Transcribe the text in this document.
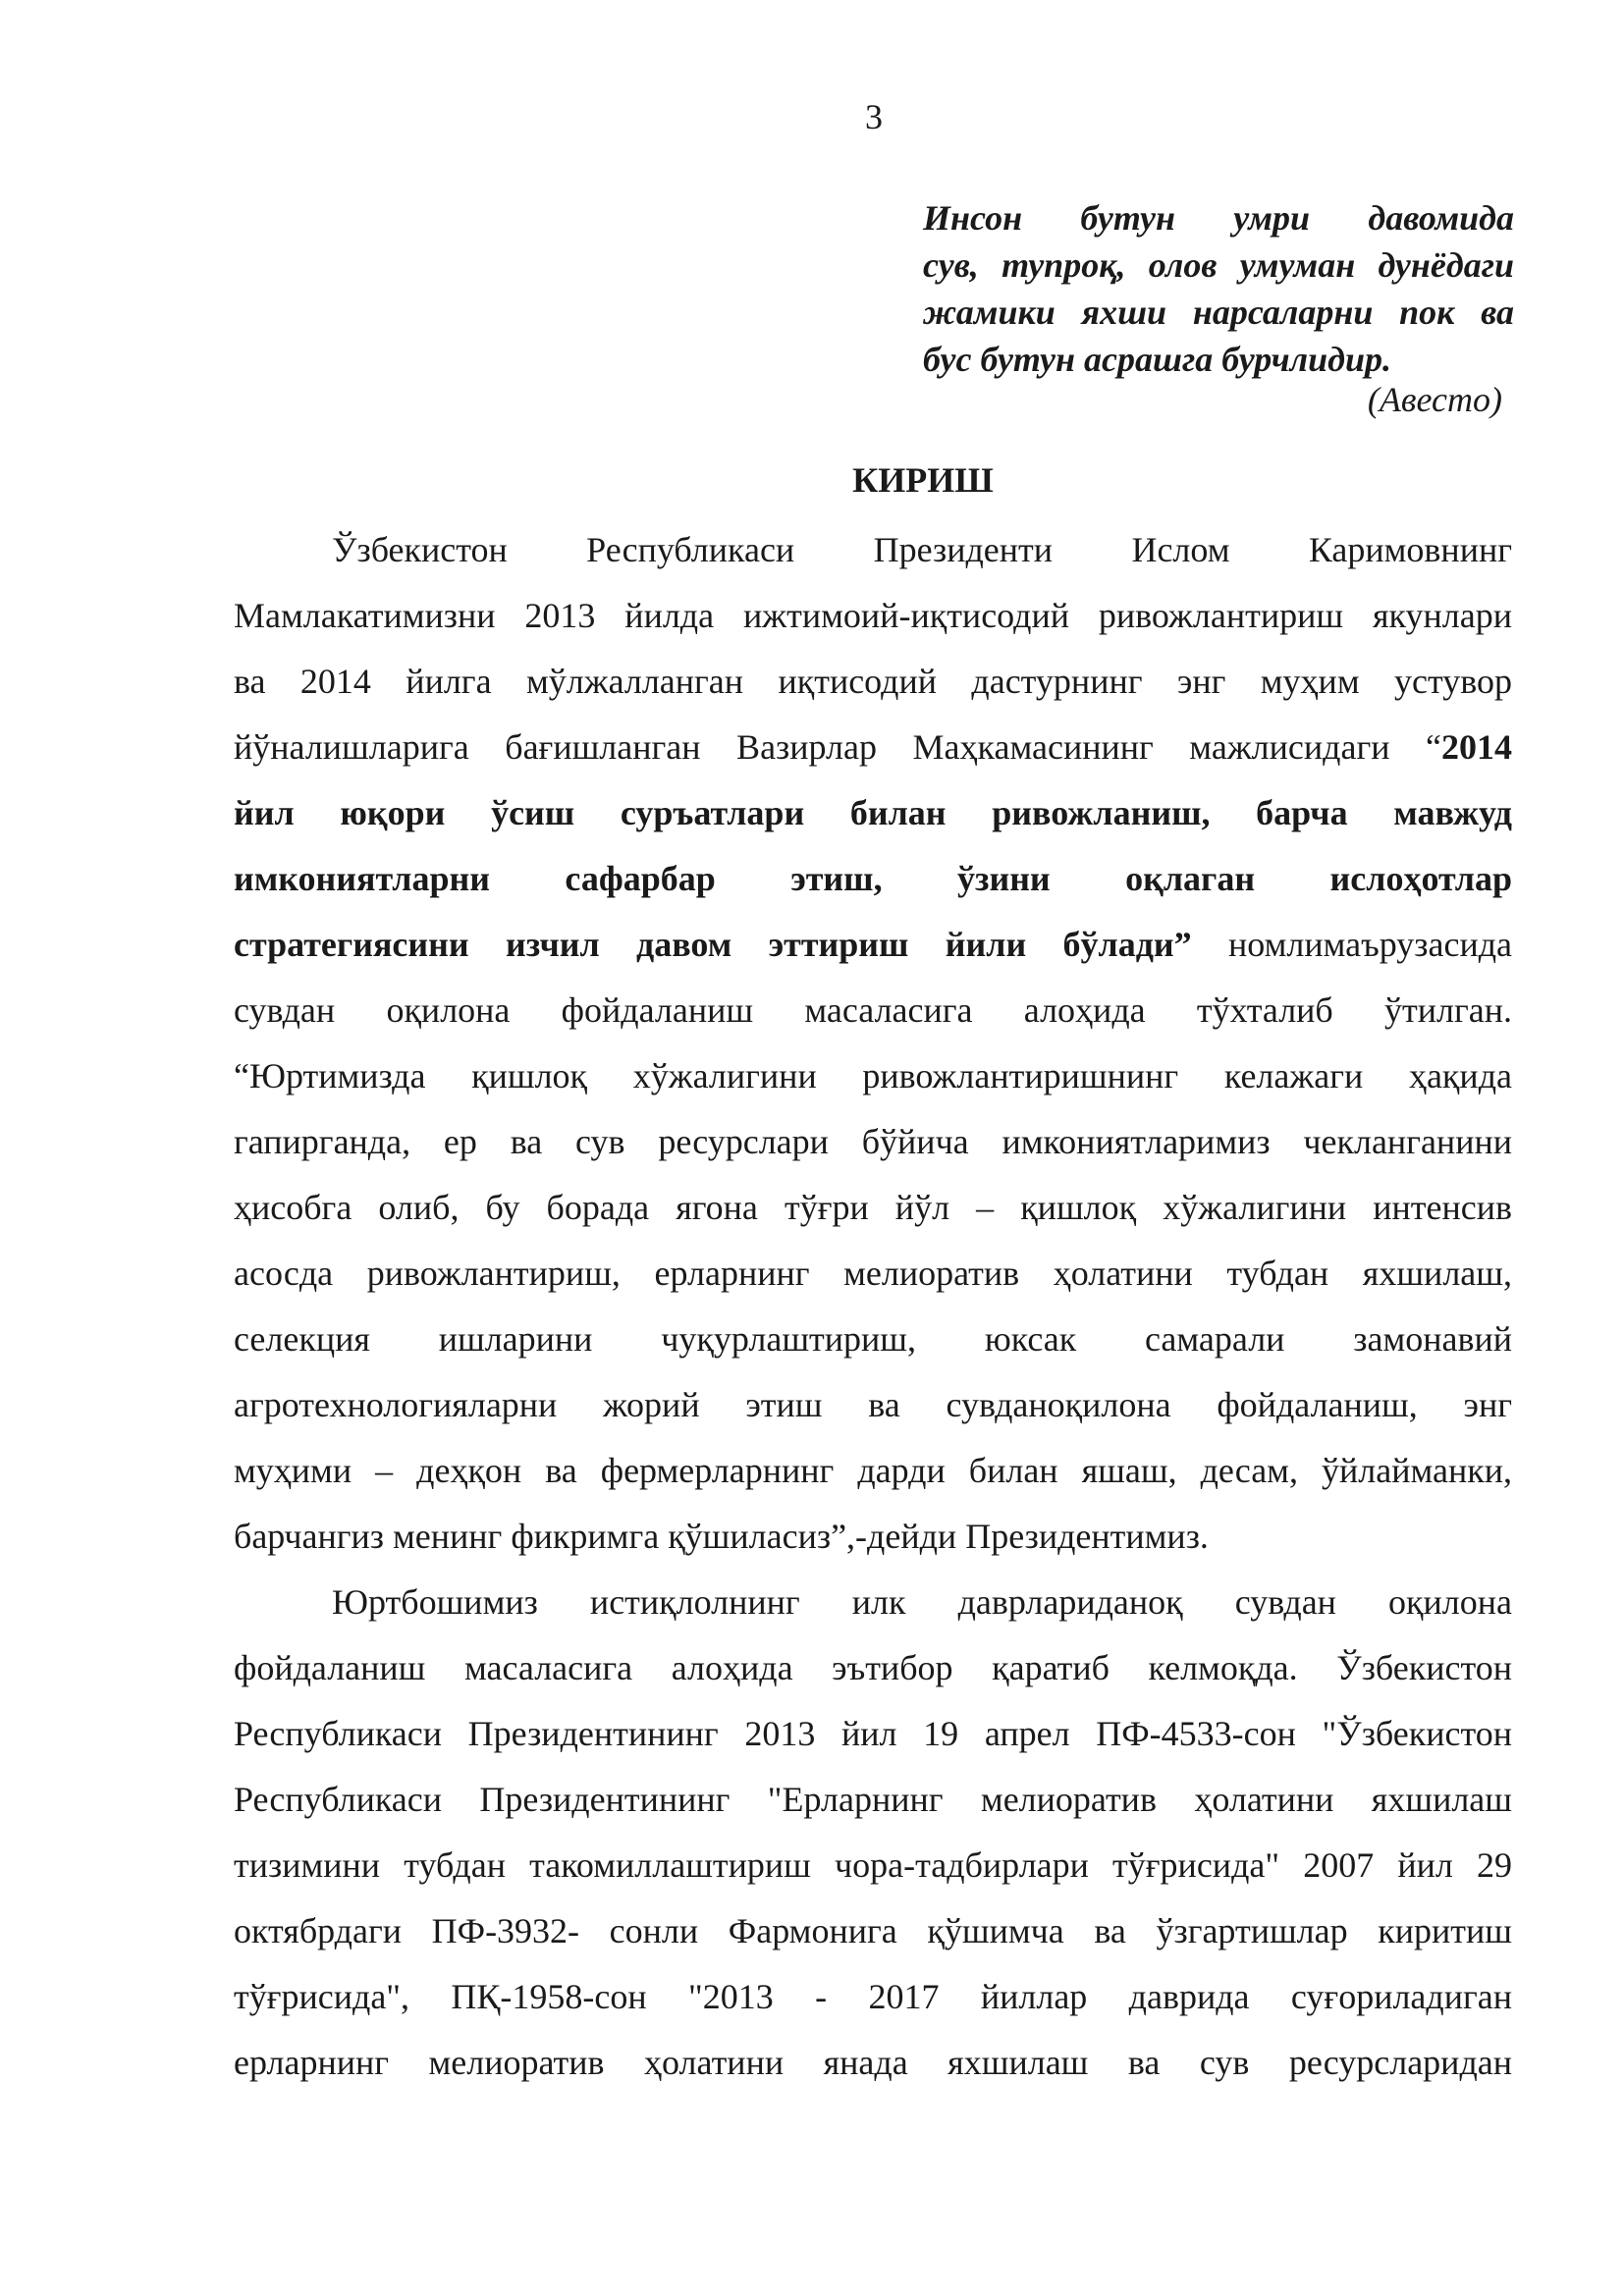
3
Инсон бутун умри давомида
сув, тупроқ, олов умуман дунёдаги
жамики яхши нарсаларни пок ва
бус бутун асрашга бурчлидир.
(Авесто)
КИРИШ
Ўзбекистон Республикаси Президенти Ислом Каримовнинг
Мамлакатимизни 2013 йилда ижтимоий-иқтисодий ривожлантириш якунлари
ва 2014 йилга мўлжалланган иқтисодий дастурнинг энг муҳим устувор
йўналишларига бағишланган Вазирлар Маҳкамасининг мажлисидаги “2014
йил юқори ўсиш суръатлари билан ривожланиш, барча мавжуд
имкониятларни сафарбар этиш, ўзини оқлаган ислоҳотлар
стратегиясини изчил давом эттириш йили бўлади” номлимаърузасида
сувдан оқилона фойдаланиш масаласига алоҳида тўхталиб ўтилган.
“Юртимизда қишлоқ хўжалигини ривожлантиришнинг келажаги ҳақида
гапирганда, ер ва сув ресурслари бўйича имкониятларимиз чекланганини
ҳисобга олиб, бу борада ягона тўғри йўл – қишлоқ хўжалигини интенсив
асосда ривожлантириш, ерларнинг мелиоратив ҳолатини тубдан яхшилаш,
селекция ишларини чуқурлаштириш, юксак самарали замонавий
агротехнологияларни жорий этиш ва сувданоқилона фойдаланиш, энг
муҳими – деҳқон ва фермерларнинг дарди билан яшаш, десам, ўйлайманки,
барчангиз менинг фикримга қўшиласиз”,-дейди Президентимиз.
Юртбошимиз истиқлолнинг илк даврлариданоқ сувдан оқилона
фойдаланиш масаласига алоҳида эътибор қаратиб келмоқда. Ўзбекистон
Республикаси Президентининг 2013 йил 19 апрел ПФ-4533-сон "Ўзбекистон
Республикаси Президентининг "Ерларнинг мелиоратив ҳолатини яхшилаш
тизимини тубдан такомиллаштириш чора-тадбирлари тўғрисида" 2007 йил 29
октябрдаги ПФ-3932- сонли Фармонига қўшимча ва ўзгартишлар киритиш
тўғрисида", ПҚ-1958-сон "2013 - 2017 йиллар даврида суғориладиган
ерларнинг мелиоратив ҳолатини янада яхшилаш ва сув ресурсларидан
